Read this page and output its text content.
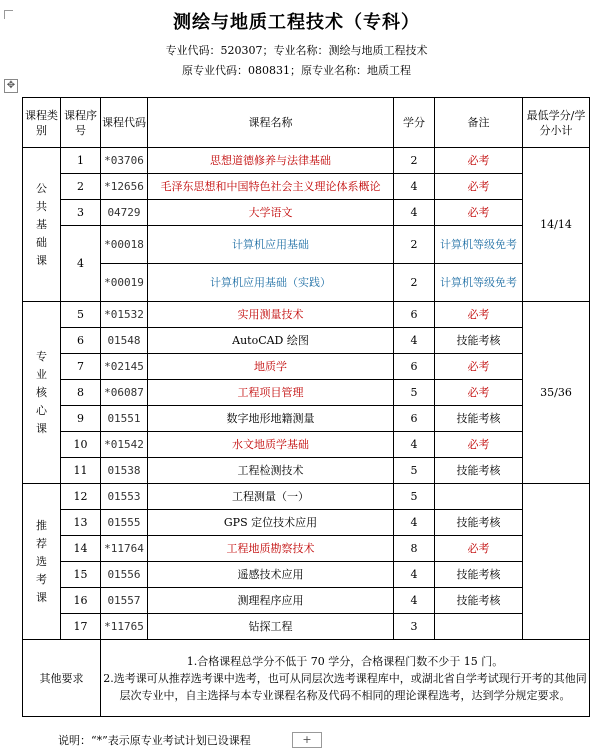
测绘与地质工程技术（专科）
专业代码：520307；专业名称：测绘与地质工程技术
原专业代码：080831；原专业名称：地质工程
✥
课程类别	课程序号	课程代码	课程名称	学分	备注	最低学分/学分小计

公
共
基
础
课	1	*03706	思想道德修养与法律基础	2	必考	14/14
	2	*12656	毛泽东思想和中国特色社会主义理论体系概论	4	必考	
	3	04729	大学语文	4	必考	
	4	*00018	计算机应用基础	2	计算机等级免考	
		*00019	计算机应用基础（实践）	2	计算机等级免考	

专
业
核
心
课	5	*01532	实用测量技术	6	必考	35/36
	6	01548	AutoCAD 绘图	4	技能考核	
	7	*02145	地质学	6	必考	
	8	*06087	工程项目管理	5	必考	
	9	01551	数字地形地籍测量	6	技能考核	
	10	*01542	水文地质学基础	4	必考	
	11	01538	工程检测技术	5	技能考核	

推
荐
选
考
课	12	01553	工程测量（一）	5		
	13	01555	GPS 定位技术应用	4	技能考核	
	14	*11764	工程地质勘察技术	8	必考	
	15	01556	遥感技术应用	4	技能考核	
	16	01557	测理程序应用	4	技能考核	
	17	*11765	钻探工程	3		
其他要求		1.合格课程总学分不低于 70 学分，合格课程门数不少于 15 门。
2.选考课可从推荐选考课中选考，也可从同层次选考课程库中，或湖北省自学考试现行开考的其他同层次专业中，自主选择与本专业课程名称及代码不相同的理论课程选考，达到学分规定要求。				
说明：“*”表示原专业考试计划已设课程	+
